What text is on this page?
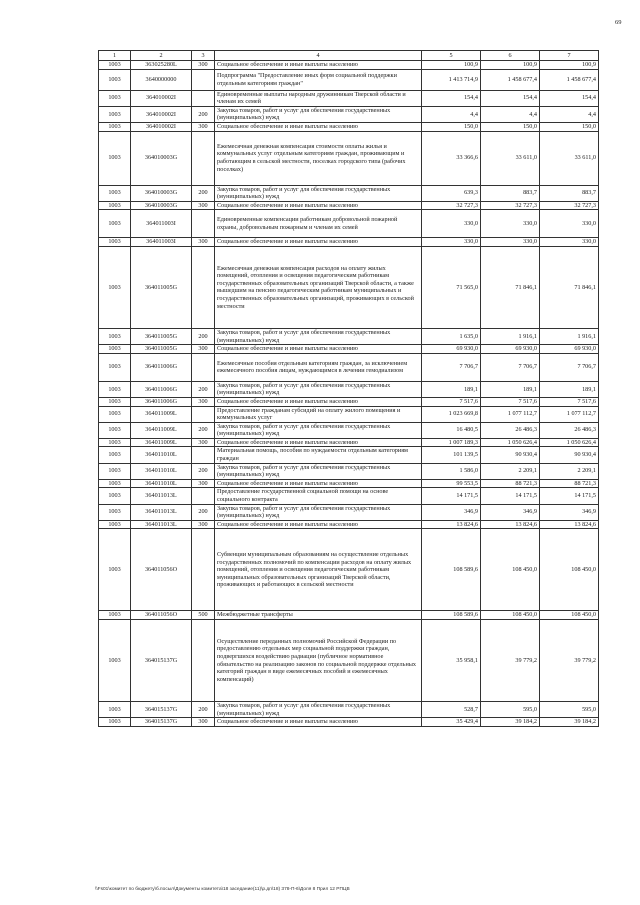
69
1	2	3	4	5	6	7
1003	363025280L	300	Социальное обеспечение и иные выплаты населению	100,9	100,9	100,9
1003	3640000000		Подпрограмма "Предоставление иных форм социальной поддержки отдельным категориям граждан"	1 413 714,9	1 458 677,4	1 458 677,4
1003	364010002I		Единовременные выплаты народным дружинникам Тверской области и членам их семей	154,4	154,4	154,4
1003	364010002I	200	Закупка товаров, работ и услуг для обеспечения государственных (муниципальных) нужд	4,4	4,4	4,4
1003	364010002I	300	Социальное обеспечение и иные выплаты населению	150,0	150,0	150,0
1003	364010003G		Ежемесячная денежная компенсация стоимости оплаты жилья и коммунальных услуг отдельным категориям граждан, проживающим и работающим в сельской местности, поселках городского типа (рабочих поселках)	33 366,6	33 611,0	33 611,0
1003	364010003G	200	Закупка товаров, работ и услуг для обеспечения государственных (муниципальных) нужд	639,3	883,7	883,7
1003	364010003G	300	Социальное обеспечение и иные выплаты населению	32 727,3	32 727,3	32 727,3
1003	364011003I		Единовременные компенсации работникам добровольной пожарной охраны, добровольным пожарным и членам их семей	330,0	330,0	330,0
1003	364011003I	300	Социальное обеспечение и иные выплаты населению	330,0	330,0	330,0
1003	364011005G		Ежемесячная денежная компенсация расходов на оплату жилых помещений, отопления и освещения педагогическим работникам государственных образовательных организаций Тверской области, а также вышедшим на пенсию педагогическим работникам муниципальных и государственных образовательных организаций, проживающих в сельской местности	71 565,0	71 846,1	71 846,1
1003	364011005G	200	Закупка товаров, работ и услуг для обеспечения государственных (муниципальных) нужд	1 635,0	1 916,1	1 916,1
1003	364011005G	300	Социальное обеспечение и иные выплаты населению	69 930,0	69 930,0	69 930,0
1003	364011006G		Ежемесячные пособия отдельным категориям граждан, за исключением ежемесячного пособия лицам, нуждающимся в лечении гемодиализом	7 706,7	7 706,7	7 706,7
1003	364011006G	200	Закупка товаров, работ и услуг для обеспечения государственных (муниципальных) нужд	189,1	189,1	189,1
1003	364011006G	300	Социальное обеспечение и иные выплаты населению	7 517,6	7 517,6	7 517,6
1003	364011009L		Предоставление гражданам субсидий на оплату жилого помещения и коммунальных услуг	1 023 669,8	1 077 112,7	1 077 112,7
1003	364011009L	200	Закупка товаров, работ и услуг для обеспечения государственных (муниципальных) нужд	16 480,5	26 486,3	26 486,3
1003	364011009L	300	Социальное обеспечение и иные выплаты населению	1 007 189,3	1 050 626,4	1 050 626,4
1003	364011010L		Материальная помощь, пособия по нуждаемости отдельным категориям граждан	101 139,5	90 930,4	90 930,4
1003	364011010L	200	Закупка товаров, работ и услуг для обеспечения государственных (муниципальных) нужд	1 586,0	2 209,1	2 209,1
1003	364011010L	300	Социальное обеспечение и иные выплаты населению	99 553,5	88 721,3	88 721,3
1003	364011013L		Предоставление государственной социальной помощи на основе социального контракта	14 171,5	14 171,5	14 171,5
1003	364011013L	200	Закупка товаров, работ и услуг для обеспечения государственных (муниципальных) нужд	346,9	346,9	346,9
1003	364011013L	300	Социальное обеспечение и иные выплаты населению	13 824,6	13 824,6	13 824,6
1003	364011056O		Субвенции муниципальным образованиям на осуществление отдельных государственных полномочий по компенсации расходов на оплату жилых помещений, отопления и освещения педагогическим работникам муниципальных образовательных организаций Тверской области, проживающих и работающих в сельской местности	108 589,6	108 450,0	108 450,0
1003	364011056O	500	Межбюджетные трансферты	108 589,6	108 450,0	108 450,0
1003	364015137G		Осуществление переданных полномочий Российской Федерации по предоставлению отдельных мер социальной поддержки граждан, подвергшихся воздействию радиации (публичное нормативное обязательство на реализацию законов по социальной поддержке отдельных категорий граждан в виде ежемесячных пособий и ежемесячных компенсаций)	35 958,1	39 779,2	39 779,2
1003	364015137G	200	Закупка товаров, работ и услуг для обеспечения государственных (муниципальных) нужд	528,7	595,0	595,0
1003	364015137G	300	Социальное обеспечение и иные выплаты населению	35 429,4	39 184,2	39 184,2
\\Fs01\комитет по бюджету\б.посыл\Документы комитета\18 заседание(11)\р.дп\18) 378-П-6\Доля 8 Прил 12 РПЦВ
